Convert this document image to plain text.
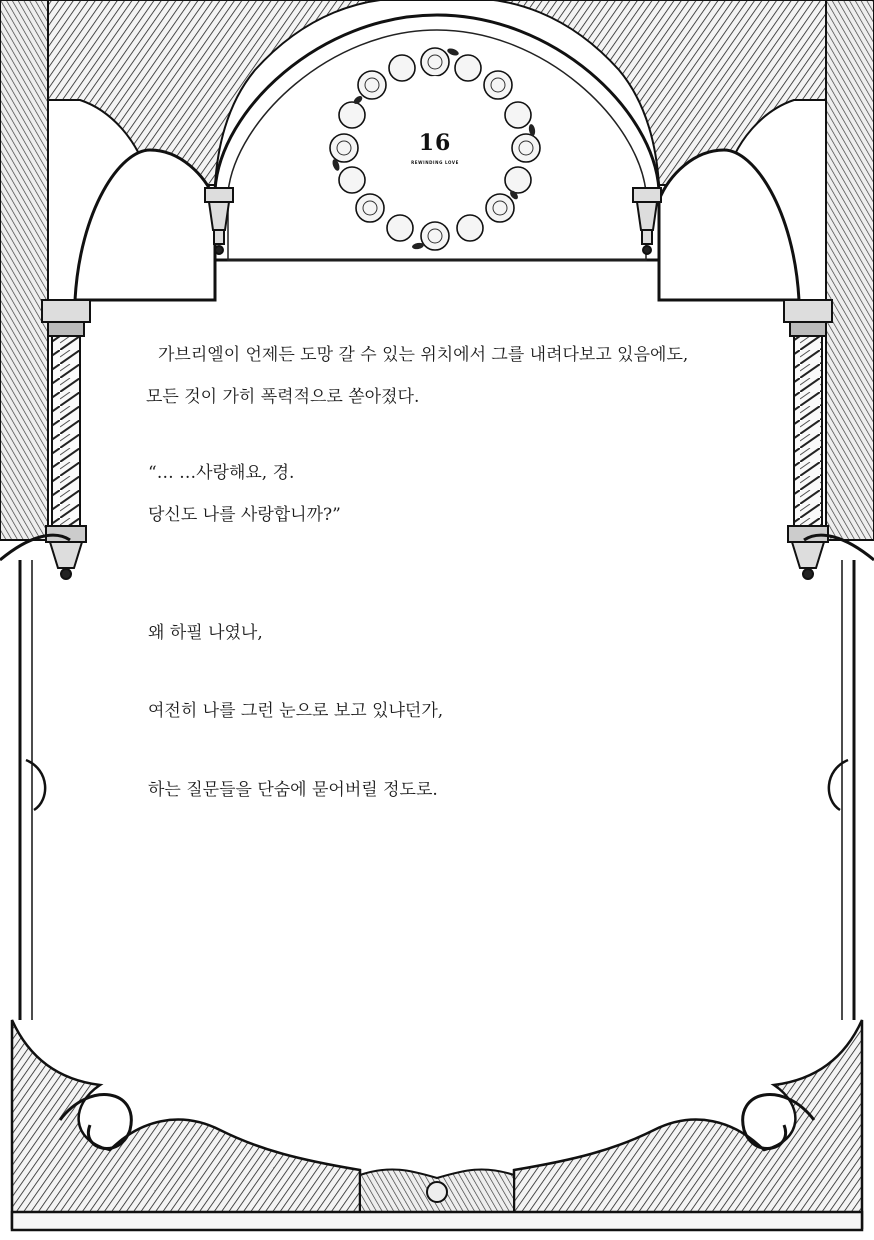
16
REWINDING LOVE
가브리엘이 언제든 도망 갈 수 있는 위치에서 그를 내려다보고 있음에도,
모든 것이 가히 폭력적으로 쏟아졌다.
“… …사랑해요, 경.
당신도 나를 사랑합니까?”
왜 하필 나였나,
여전히 나를 그런 눈으로 보고 있냐던가,
하는 질문들을 단숨에 묻어버릴 정도로.
